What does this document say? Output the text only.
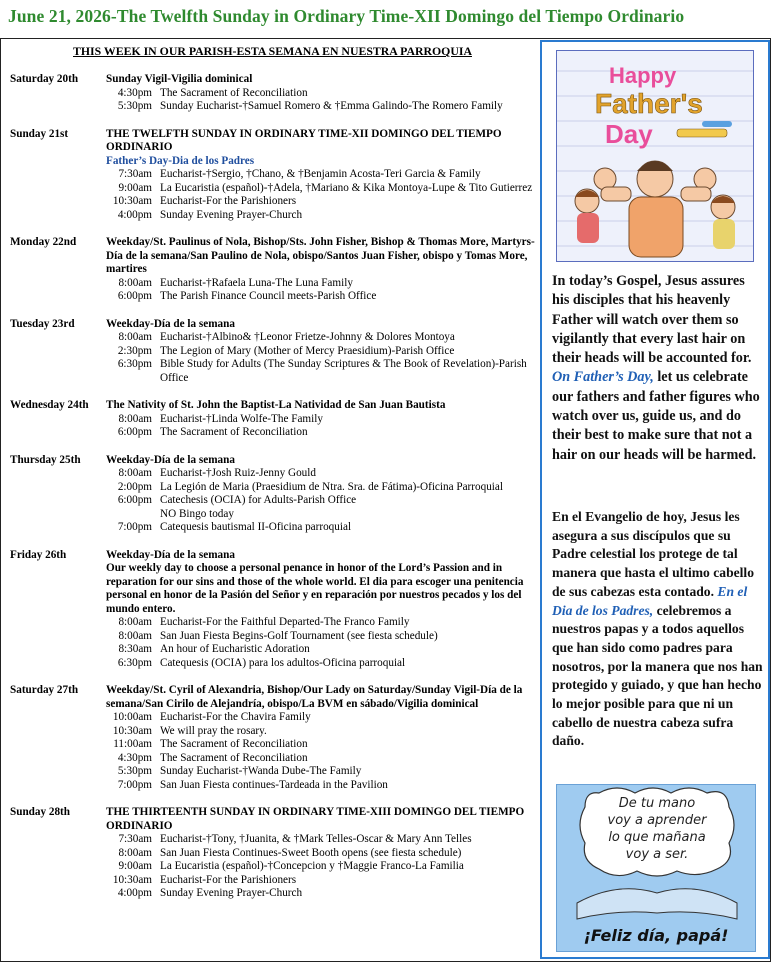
June 21, 2026-The Twelfth Sunday in Ordinary Time-XII Domingo del Tiempo Ordinario
THIS WEEK IN OUR PARISH-ESTA SEMANA EN NUESTRA PARROQUIA
Saturday 20th Sunday Vigil-Vigilia dominical
4:30pm The Sacrament of Reconciliation
5:30pm Sunday Eucharist-†Samuel Romero & †Emma Galindo-The Romero Family
Sunday 21st	THE TWELFTH SUNDAY IN ORDINARY TIME-XII DOMINGO DEL TIEMPO ORDINARIO
Father’s Day-Dia de los Padres
7:30am Eucharist-†Sergio, †Chano, & †Benjamin Acosta-Teri Garcia & Family
9:00am La Eucaristia (español)-†Adela, †Mariano & Kika Montoya-Lupe & Tito Gutierrez
10:30am Eucharist-For the Parishioners
4:00pm Sunday Evening Prayer-Church
Monday 22nd	Weekday/St. Paulinus of Nola, Bishop/Sts. John Fisher, Bishop & Thomas More, Martyrs-Día de la semana/San Paulino de Nola, obispo/Santos Juan Fisher, obispo y Tomas More, martires
8:00am Eucharist-†Rafaela Luna-The Luna Family
6:00pm The Parish Finance Council meets-Parish Office
Tuesday 23rd	Weekday-Día de la semana
8:00am Eucharist-†Albino& †Leonor Frietze-Johnny & Dolores Montoya
2:30pm The Legion of Mary (Mother of Mercy Praesidium)-Parish Office
6:30pm Bible Study for Adults (The Sunday Scriptures & The Book of Revelation)-Parish Office
Wednesday 24th The Nativity of St. John the Baptist-La Natividad de San Juan Bautista
8:00am Eucharist-†Linda Wolfe-The Family
6:00pm The Sacrament of Reconciliation
Thursday 25th Weekday-Día de la semana
8:00am Eucharist-†Josh Ruiz-Jenny Gould
2:00pm La Legión de Maria (Praesidium de Ntra. Sra. de Fátima)-Oficina Parroquial
6:00pm Catechesis (OCIA) for Adults-Parish Office
NO Bingo today
7:00pm Catequesis bautismal II-Oficina parroquial
Friday 26th	Weekday-Día de la semana
Our weekly day to choose a personal penance in honor of the Lord’s Passion and in reparation for our sins and those of the whole world. El dia para escoger una penitencia personal en honor de la Pasión del Señor y en reparación por nuestros pecados y los del mundo entero.
8:00am Eucharist-For the Faithful Departed-The Franco Family
8:00am San Juan Fiesta Begins-Golf Tournament (see fiesta schedule)
8:30am An hour of Eucharistic Adoration
6:30pm Catequesis (OCIA) para los adultos-Oficina parroquial
Saturday 27th Weekday/St. Cyril of Alexandria, Bishop/Our Lady on Saturday/Sunday Vigil-Día de la semana/San Cirilo de Alejandría, obispo/La BVM en sábado/Vigilia dominical
10:00am Eucharist-For the Chavira Family
10:30am We will pray the rosary.
11:00am The Sacrament of Reconciliation
4:30pm The Sacrament of Reconciliation
5:30pm Sunday Eucharist-†Wanda Dube-The Family
7:00pm San Juan Fiesta continues-Tardeada in the Pavilion
Sunday 28th	THE THIRTEENTH SUNDAY IN ORDINARY TIME-XIII DOMINGO DEL TIEMPO ORDINARIO
7:30am Eucharist-†Tony, †Juanita, & †Mark Telles-Oscar & Mary Ann Telles
8:00am San Juan Fiesta Continues-Sweet Booth opens (see fiesta schedule)
9:00am La Eucaristia (español)-†Concepcion y †Maggie Franco-La Familia
10:30am Eucharist-For the Parishioners
4:00pm Sunday Evening Prayer-Church
Happy
Father's
Day
In today’s Gospel, Jesus assures his disciples that his heavenly Father will watch over them so vigilantly that every last hair on their heads will be accounted for. On Father’s Day, let us celebrate our fathers and father figures who watch over us, guide us, and do their best to make sure that not a hair on our heads will be harmed.
En el Evangelio de hoy, Jesus les asegura a sus discípulos que su Padre celestial los protege de tal manera que hasta el ultimo cabello de sus cabezas esta contado. En el Dia de los Padres, celebremos a nuestros papas y a todos aquellos que han sido como padres para nosotros, por la manera que nos han protegido y guiado, y que han hecho lo mejor posible para que ni un cabello de nuestra cabeza sufra daño.
De tu mano
voy a aprender
lo que mañana
voy a ser.
¡Feliz día, papá!
